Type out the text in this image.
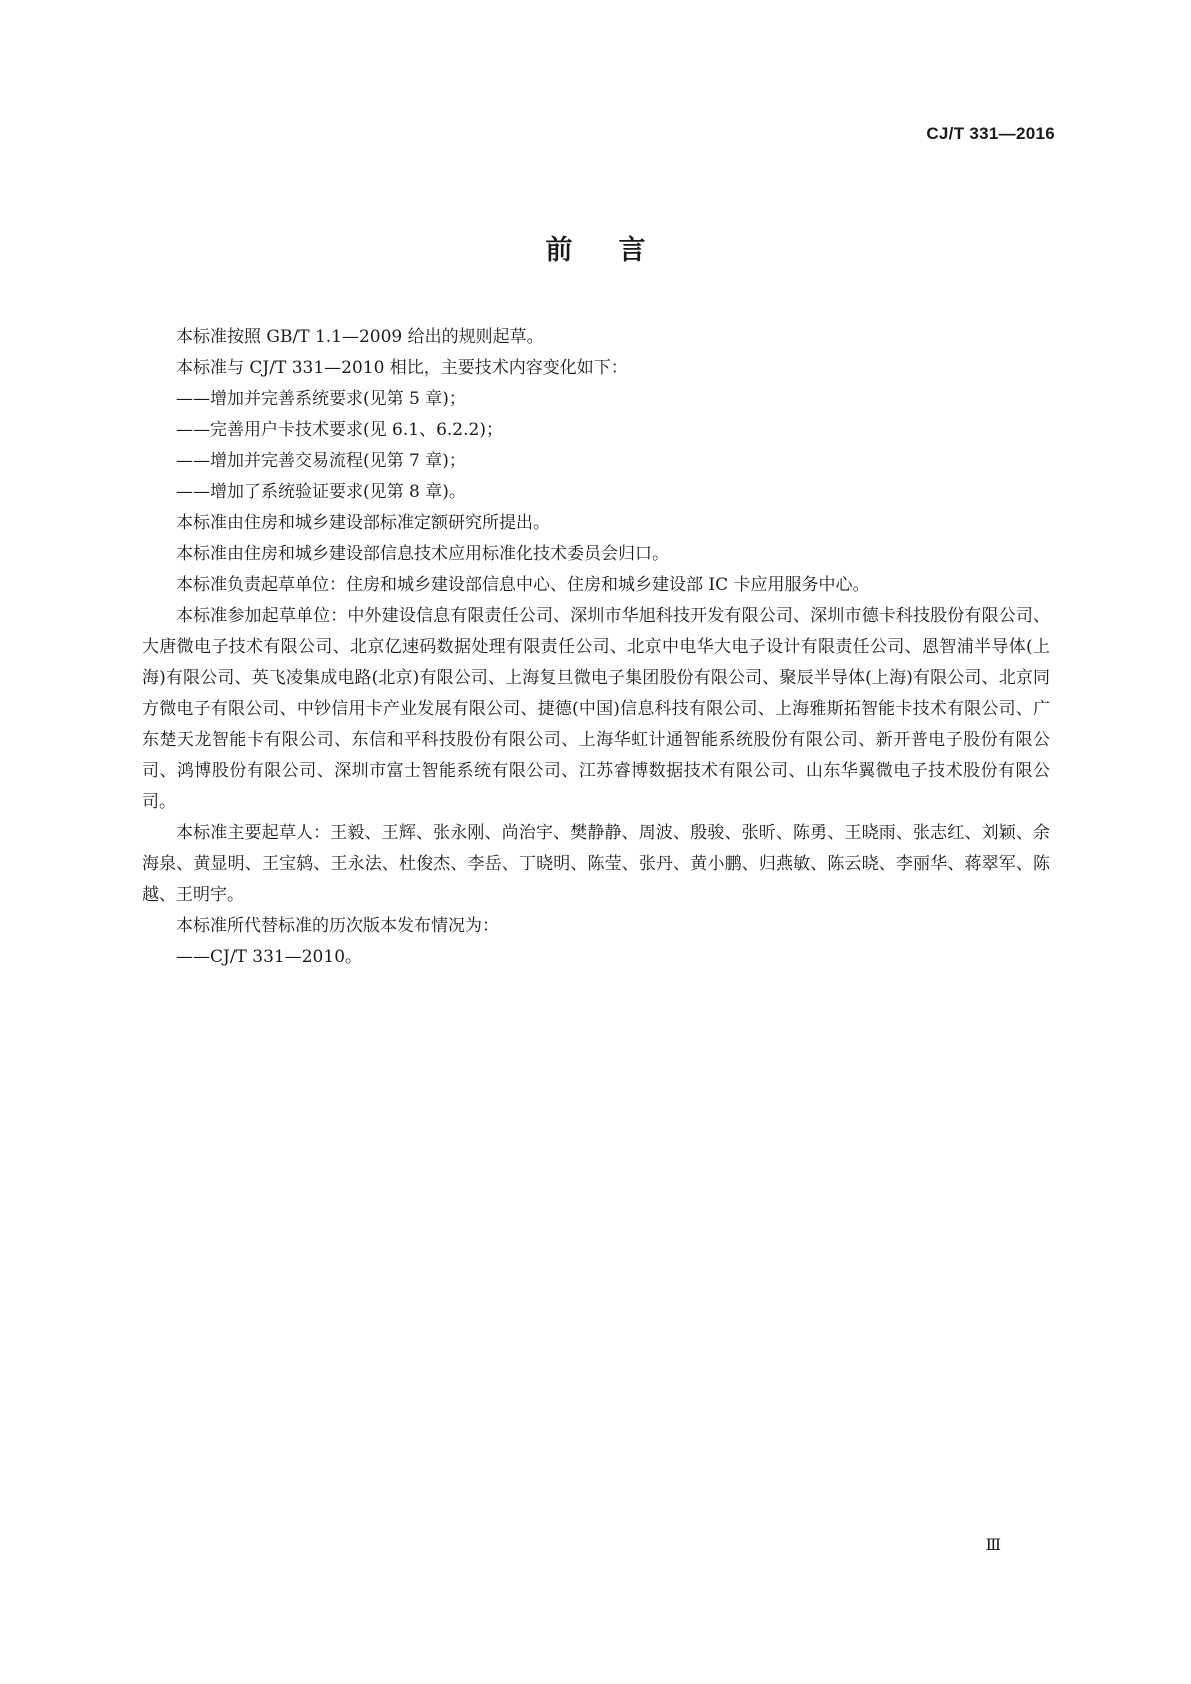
CJ/T 331—2016
前 言

本标准按照 GB/T 1.1—2009 给出的规则起草。

本标准与 CJ/T 331—2010 相比，主要技术内容变化如下：

——增加并完善系统要求(见第 5 章)；

——完善用户卡技术要求(见 6.1、6.2.2)；

——增加并完善交易流程(见第 7 章)；

——增加了系统验证要求(见第 8 章)。

本标准由住房和城乡建设部标准定额研究所提出。

本标准由住房和城乡建设部信息技术应用标准化技术委员会归口。

本标准负责起草单位：住房和城乡建设部信息中心、住房和城乡建设部 IC 卡应用服务中心。

本标准参加起草单位：中外建设信息有限责任公司、深圳市华旭科技开发有限公司、深圳市德卡科技股份有限公司、大唐微电子技术有限公司、北京亿速码数据处理有限责任公司、北京中电华大电子设计有限责任公司、恩智浦半导体(上海)有限公司、英飞凌集成电路(北京)有限公司、上海复旦微电子集团股份有限公司、聚辰半导体(上海)有限公司、北京同方微电子有限公司、中钞信用卡产业发展有限公司、捷德(中国)信息科技有限公司、上海雅斯拓智能卡技术有限公司、广东楚天龙智能卡有限公司、东信和平科技股份有限公司、上海华虹计通智能系统股份有限公司、新开普电子股份有限公司、鸿博股份有限公司、深圳市富士智能系统有限公司、江苏睿博数据技术有限公司、山东华翼微电子技术股份有限公司。

本标准主要起草人：王毅、王辉、张永刚、尚治宇、樊静静、周波、殷骏、张昕、陈勇、王晓雨、张志红、刘颖、余海泉、黄显明、王宝鸫、王永法、杜俊杰、李岳、丁晓明、陈莹、张丹、黄小鹏、归燕敏、陈云晓、李丽华、蒋翠军、陈越、王明宇。

本标准所代替标准的历次版本发布情况为：

——CJ/T 331—2010。

Ⅲ
